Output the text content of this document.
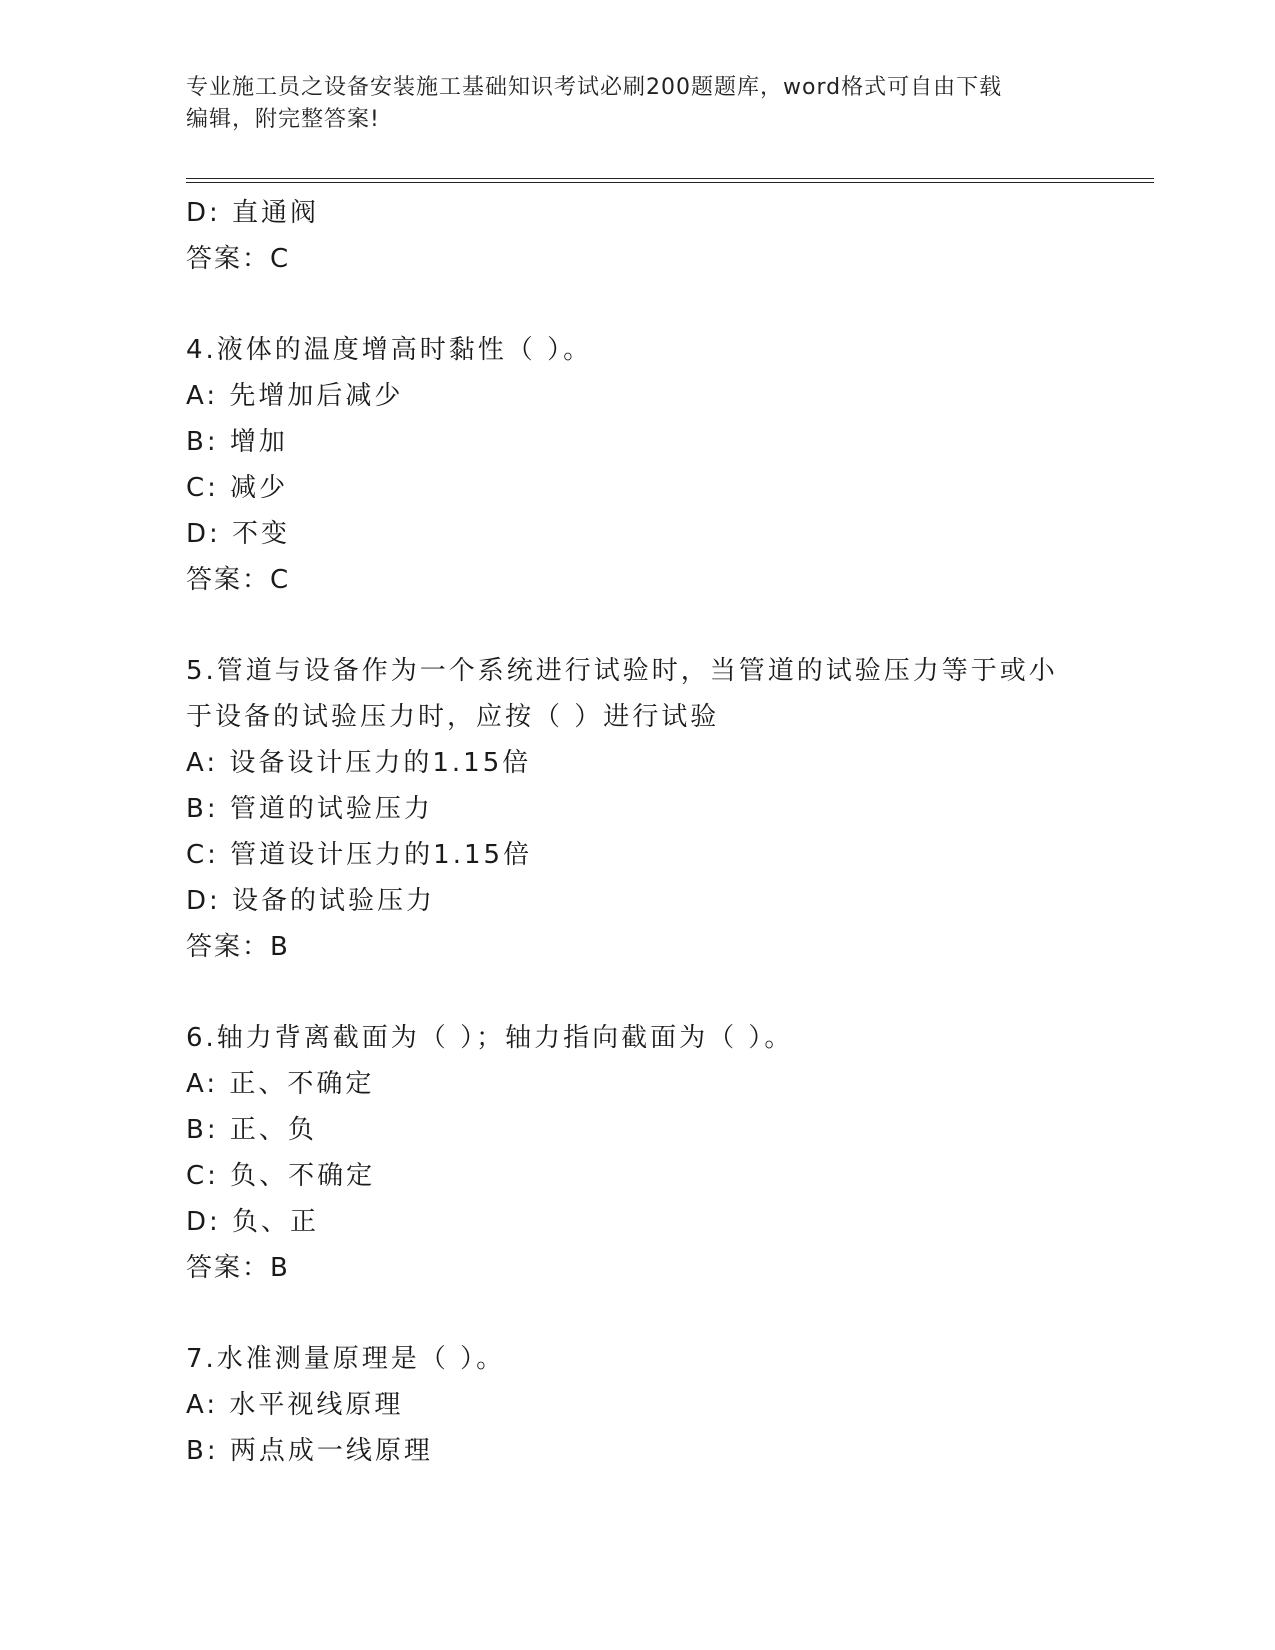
专业施工员之设备安装施工基础知识考试必刷200题题库，word格式可自由下载
编辑，附完整答案!
D: 直通阀
答案：C
4.液体的温度增高时黏性（ ）。
A: 先增加后减少
B: 增加
C: 减少
D: 不变
答案：C
5.管道与设备作为一个系统进行试验时，当管道的试验压力等于或小
于设备的试验压力时，应按（ ）进行试验
A: 设备设计压力的1.15倍
B: 管道的试验压力
C: 管道设计压力的1.15倍
D: 设备的试验压力
答案：B
6.轴力背离截面为（ ）；轴力指向截面为（ ）。
A: 正、不确定
B: 正、负
C: 负、不确定
D: 负、正
答案：B
7.水准测量原理是（ ）。
A: 水平视线原理
B: 两点成一线原理
